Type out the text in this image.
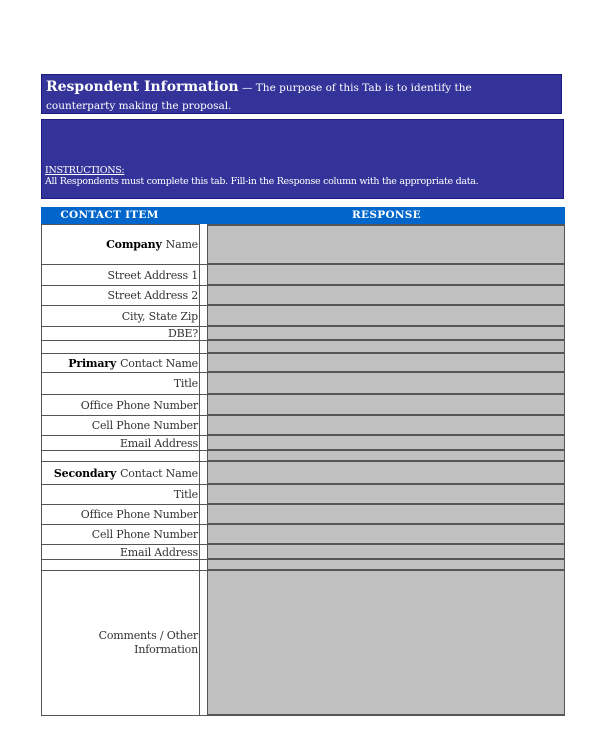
Respondent Information — The purpose of this Tab is to identify the
counterparty making the proposal.
INSTRUCTIONS:
All Respondents must complete this tab. Fill-in the Response column with the appropriate data.
CONTACT ITEM	RESPONSE
Company Name
Street Address 1
Street Address 2
City, State Zip
DBE?
Primary Contact Name
Title
Office Phone Number
Cell Phone Number
Email Address
Secondary Contact Name
Title
Office Phone Number
Cell Phone Number
Email Address
Comments / Other
Information
